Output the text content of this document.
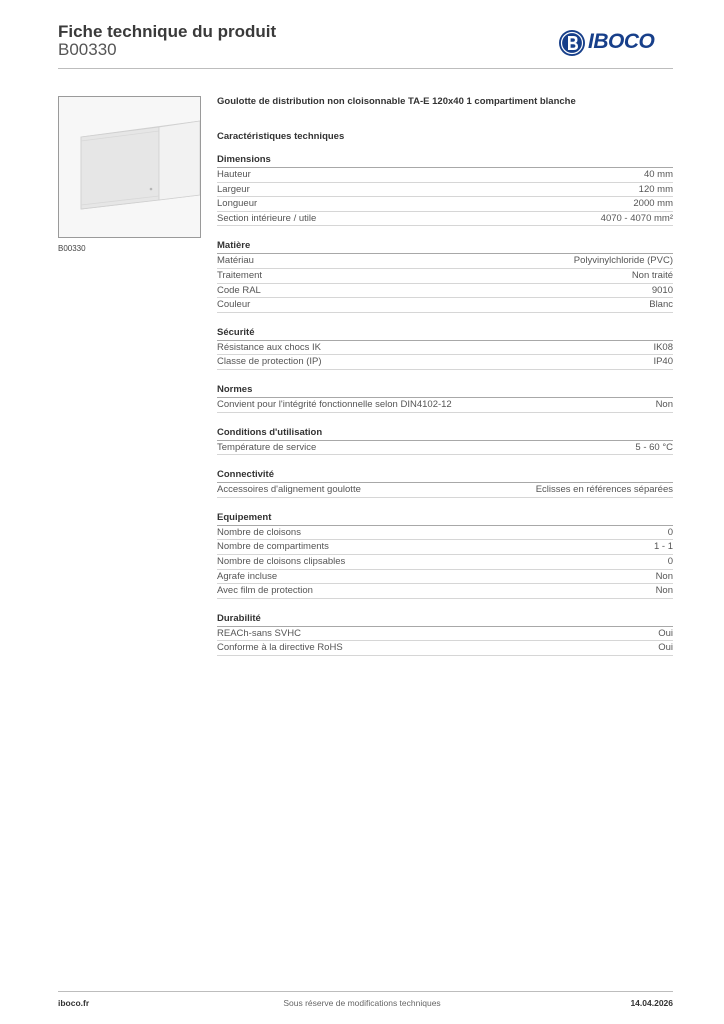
Fiche technique du produit
B00330	IBOCO
B00330
Goulotte de distribution non cloisonnable TA-E 120x40 1 compartiment blanche
Caractéristiques techniques
Dimensions
Hauteur	40 mm
Largeur	120 mm
Longueur	2000 mm
Section intérieure / utile	4070 - 4070 mm²
Matière
Matériau	Polyvinylchloride (PVC)
Traitement	Non traité
Code RAL	9010
Couleur	Blanc
Sécurité
Résistance aux chocs IK	IK08
Classe de protection (IP)	IP40
Normes
Convient pour l'intégrité fonctionnelle selon DIN4102-12	Non
Conditions d'utilisation
Température de service	5 - 60 °C
Connectivité
Accessoires d'alignement goulotte	Eclisses en références séparées
Equipement
Nombre de cloisons	0
Nombre de compartiments	1 - 1
Nombre de cloisons clipsables	0
Agrafe incluse	Non
Avec film de protection	Non
Durabilité
REACh-sans SVHC	Oui
Conforme à la directive RoHS	Oui
iboco.fr	Sous réserve de modifications techniques	14.04.2026
